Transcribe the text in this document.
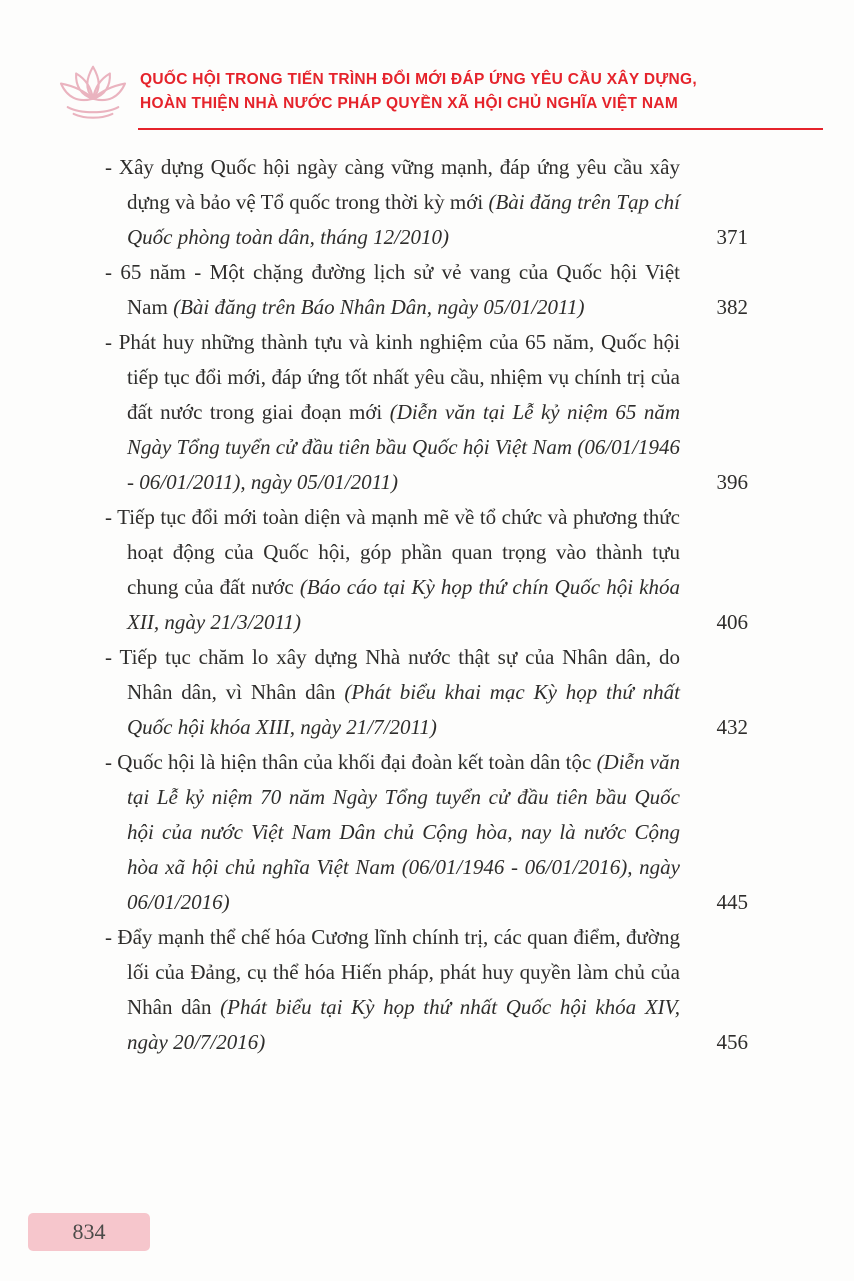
QUỐC HỘI TRONG TIẾN TRÌNH ĐỔI MỚI ĐÁP ỨNG YÊU CẦU XÂY DỰNG,
HOÀN THIỆN NHÀ NƯỚC PHÁP QUYỀN XÃ HỘI CHỦ NGHĨA VIỆT NAM
- Xây dựng Quốc hội ngày càng vững mạnh, đáp ứng yêu cầu xây dựng và bảo vệ Tổ quốc trong thời kỳ mới (Bài đăng trên Tạp chí Quốc phòng toàn dân, tháng 12/2010)	371
- 65 năm - Một chặng đường lịch sử vẻ vang của Quốc hội Việt Nam (Bài đăng trên Báo Nhân Dân, ngày 05/01/2011)	382
- Phát huy những thành tựu và kinh nghiệm của 65 năm, Quốc hội tiếp tục đổi mới, đáp ứng tốt nhất yêu cầu, nhiệm vụ chính trị của đất nước trong giai đoạn mới (Diễn văn tại Lễ kỷ niệm 65 năm Ngày Tổng tuyển cử đầu tiên bầu Quốc hội Việt Nam (06/01/1946 - 06/01/2011), ngày 05/01/2011)	396
- Tiếp tục đổi mới toàn diện và mạnh mẽ về tổ chức và phương thức hoạt động của Quốc hội, góp phần quan trọng vào thành tựu chung của đất nước (Báo cáo tại Kỳ họp thứ chín Quốc hội khóa XII, ngày 21/3/2011)	406
- Tiếp tục chăm lo xây dựng Nhà nước thật sự của Nhân dân, do Nhân dân, vì Nhân dân (Phát biểu khai mạc Kỳ họp thứ nhất Quốc hội khóa XIII, ngày 21/7/2011)	432
- Quốc hội là hiện thân của khối đại đoàn kết toàn dân tộc (Diễn văn tại Lễ kỷ niệm 70 năm Ngày Tổng tuyển cử đầu tiên bầu Quốc hội của nước Việt Nam Dân chủ Cộng hòa, nay là nước Cộng hòa xã hội chủ nghĩa Việt Nam (06/01/1946 - 06/01/2016), ngày 06/01/2016)	445
- Đẩy mạnh thể chế hóa Cương lĩnh chính trị, các quan điểm, đường lối của Đảng, cụ thể hóa Hiến pháp, phát huy quyền làm chủ của Nhân dân (Phát biểu tại Kỳ họp thứ nhất Quốc hội khóa XIV, ngày 20/7/2016)	456
834
